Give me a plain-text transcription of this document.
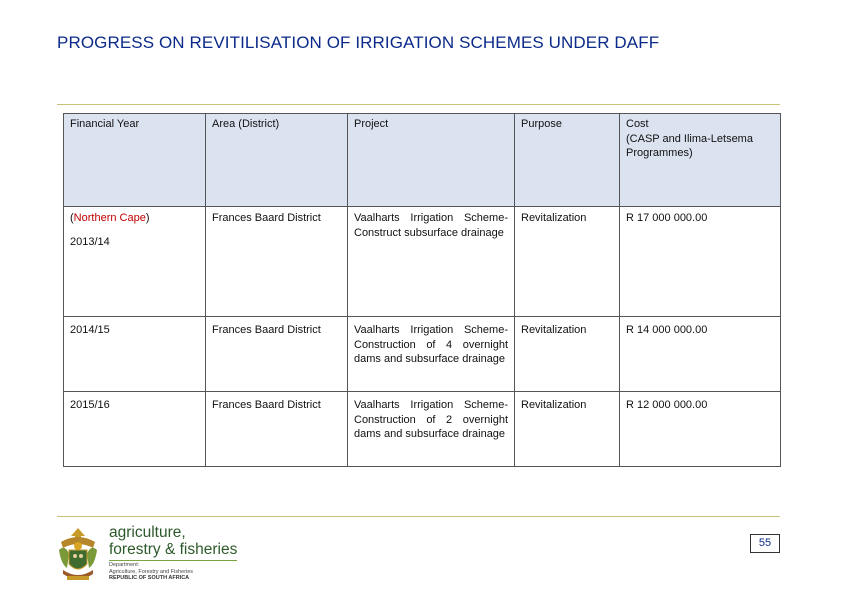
PROGRESS ON REVITILISATION OF IRRIGATION SCHEMES UNDER DAFF
Financial Year	Area (District)	Project	Purpose	Cost
(CASP and Ilima-Letsema Programmes)
(Northern Cape)
2013/14	Frances Baard District	Vaalharts Irrigation Scheme- Construct subsurface drainage	Revitalization	R 17 000 000.00
2014/15	Frances Baard District	Vaalharts Irrigation Scheme- Construction of 4 overnight dams and subsurface drainage	Revitalization	R 14 000 000.00
2015/16	Frances Baard District	Vaalharts Irrigation Scheme- Construction of 2 overnight dams and subsurface drainage	Revitalization	R 12 000 000.00
agriculture,
forestry & fisheries
Department:
Agriculture, Forestry and Fisheries
REPUBLIC OF SOUTH AFRICA
55
